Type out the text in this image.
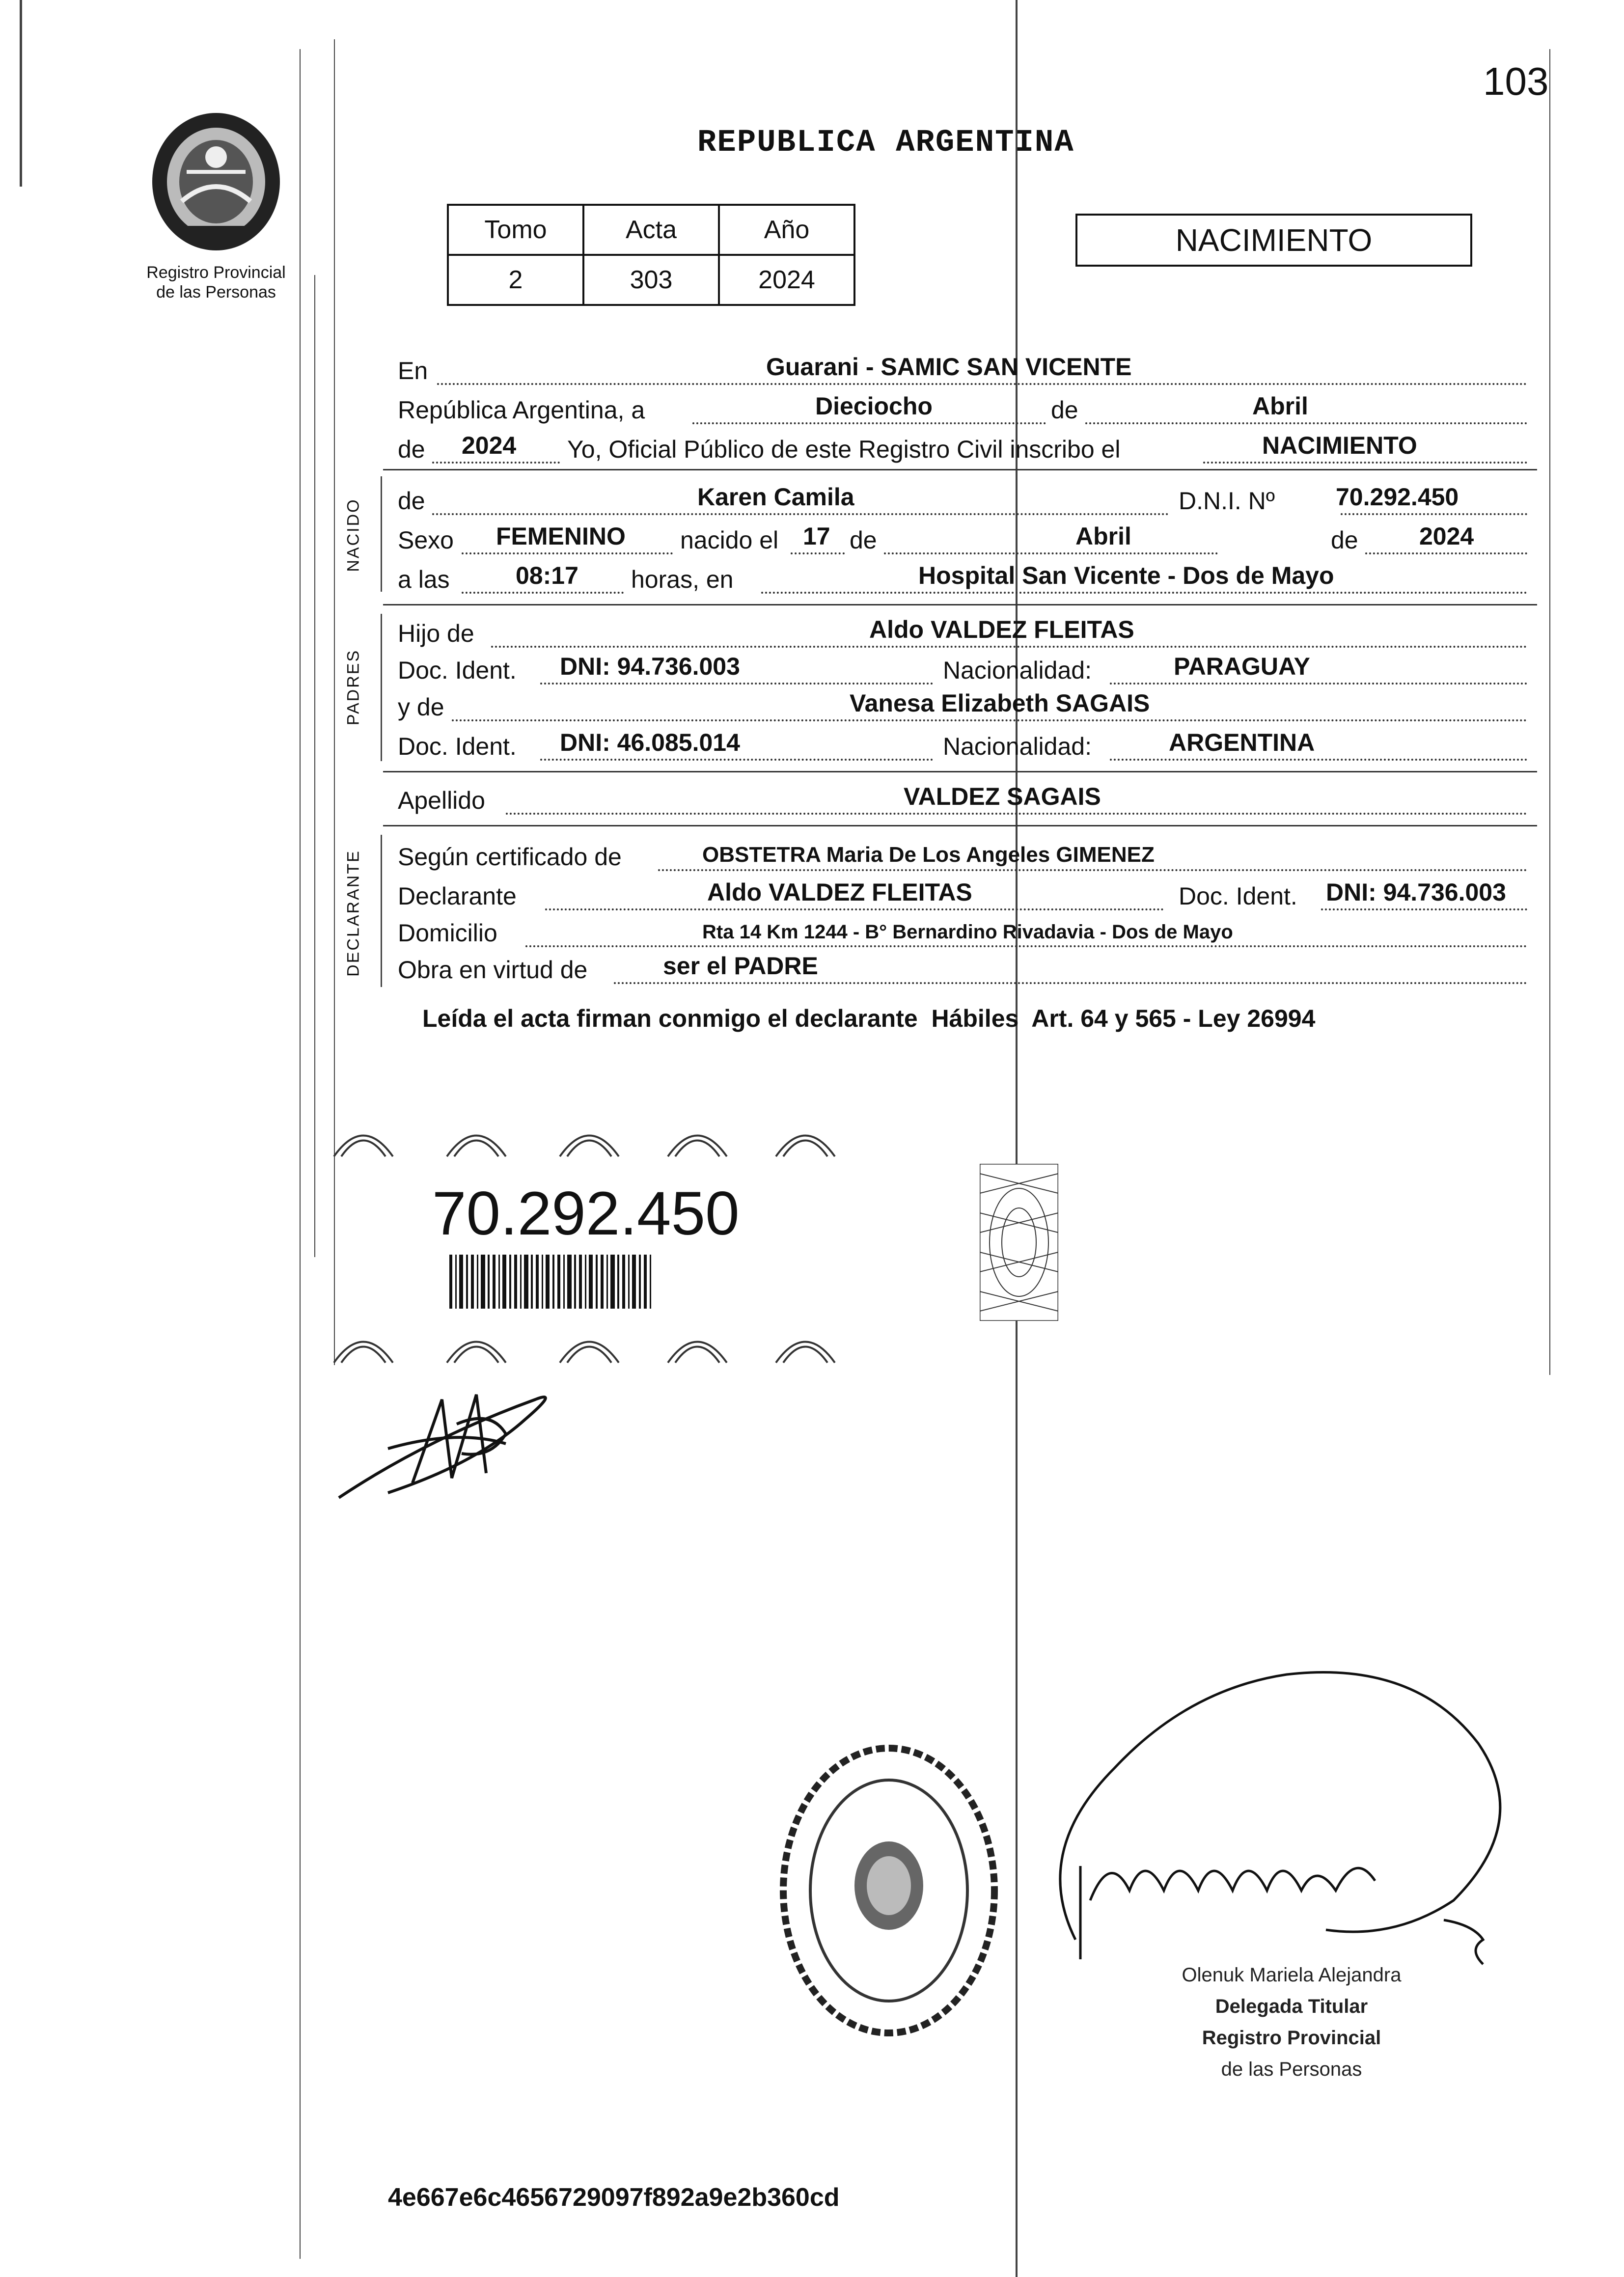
103
Registro Provincial
de las Personas
REPUBLICA ARGENTINA
Tomo	Acta	Año
2	303	2024
NACIMIENTO
NACIDO
PADRES
DECLARANTE
En	Guarani - SAMIC SAN VICENTE
República Argentina, a	Dieciocho	de	Abril
de 2024 Yo, Oficial Público de este Registro Civil inscribo el	NACIMIENTO
de	Karen Camila	D.N.I. Nº 70.292.450
Sexo FEMENINO nacido el 17 de	Abril	de 2024
a las	08:17 horas, en	Hospital San Vicente - Dos de Mayo
Hijo de	Aldo VALDEZ FLEITAS
Doc. Ident. DNI: 94.736.003	Nacionalidad:	PARAGUAY
y de	Vanesa Elizabeth SAGAIS
Doc. Ident. DNI: 46.085.014	Nacionalidad:	ARGENTINA
Apellido	VALDEZ SAGAIS
Según certificado de	OBSTETRA Maria De Los Angeles GIMENEZ
Declarante	Aldo VALDEZ FLEITAS	Doc. Ident. DNI: 94.736.003
Domicilio	Rta 14 Km 1244 - B° Bernardino Rivadavia - Dos de Mayo
Obra en virtud de	ser el PADRE
Leída el acta firman conmigo el declarante  Hábiles  Art. 64 y 565 - Ley 26994
70.292.450
Olenuk Mariela Alejandra
Delegada Titular
Registro Provincial
de las Personas
4e667e6c4656729097f892a9e2b360cd
